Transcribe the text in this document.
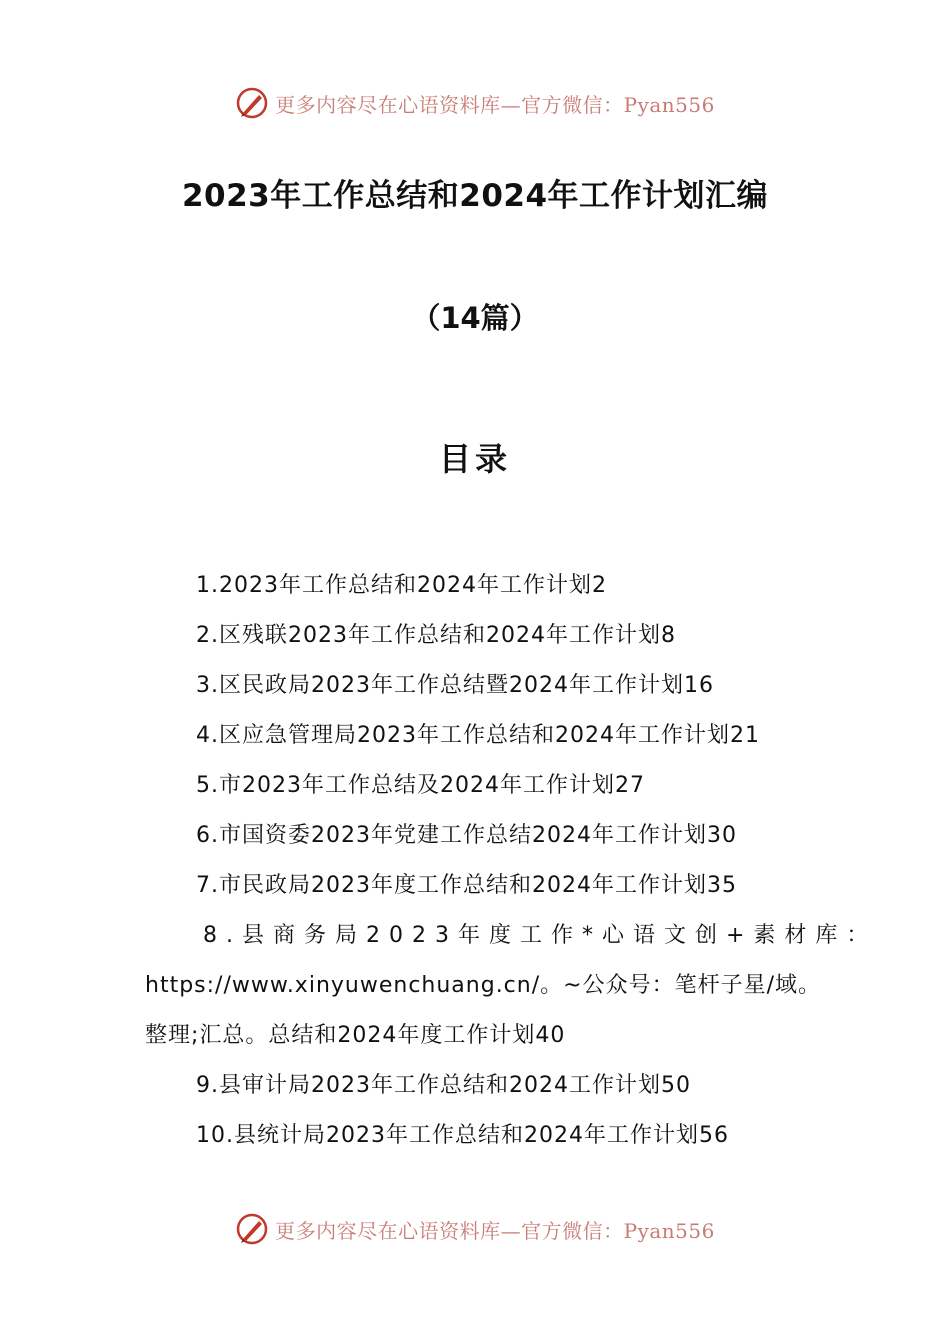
更多内容尽在心语资料库—官方微信：Pyan556
2023年工作总结和2024年工作计划汇编
（14篇）
目录
1.2023年工作总结和2024年工作计划2
2.区残联2023年工作总结和2024年工作计划8
3.区民政局2023年工作总结暨2024年工作计划16
4.区应急管理局2023年工作总结和2024年工作计划21
5.市2023年工作总结及2024年工作计划27
6.市国资委2023年党建工作总结2024年工作计划30
7.市民政局2023年度工作总结和2024年工作计划35
8.县商务局2023年度工作*心语文创+素材库：
https://www.xinyuwenchuang.cn/。~公众号：笔杆子星/域。
整理;汇总。总结和2024年度工作计划40
9.县审计局2023年工作总结和2024工作计划50
10.县统计局2023年工作总结和2024年工作计划56
更多内容尽在心语资料库—官方微信：Pyan556
